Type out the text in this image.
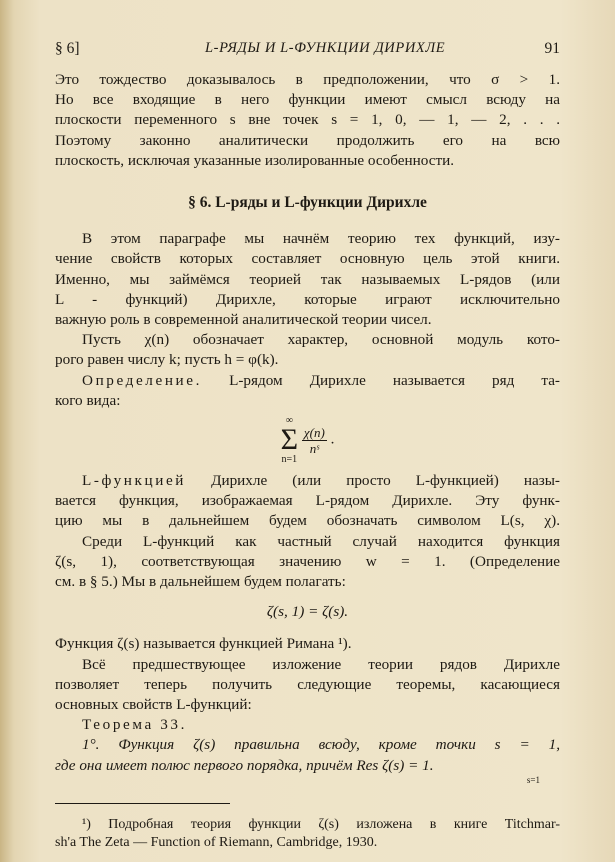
§ 6]	L-РЯДЫ И L-ФУНКЦИИ ДИРИХЛЕ	91

Это тождество доказывалось в предположении, что σ > 1.

Но все входящие в него функции имеют смысл всюду на

плоскости переменного s вне точек s = 1, 0, — 1, — 2, . . .

Поэтому законно аналитически продолжить его на всю

плоскость, исключая указанные изолированные особенности.

§ 6. L-ряды и L-функции Дирихле

В этом параграфе мы начнём теорию тех функций, изу-

чение свойств которых составляет основную цель этой книги.

Именно, мы займёмся теорией так называемых L-рядов (или

L - функций) Дирихле, которые играют исключительно

важную роль в современной аналитической теории чисел.

Пусть χ(n) обозначает характер, основной модуль кото-

рого равен числу k; пусть h = φ(k).

Определение. L-рядом Дирихле называется ряд та-

кого вида:

∞
Σ
n=1

$\frac{\chi(n)}{\text{nˢ}}$ .

L-функцией Дирихле (или просто L-функцией) назы-

вается функция, изображаемая L-рядом Дирихле. Эту функ-

цию мы в дальнейшем будем обозначать символом L(s, χ).

Среди L-функций как частный случай находится функция

ζ(s, 1), соответствующая значению w = 1. (Определение

см. в § 5.) Мы в дальнейшем будем полагать:

ζ(s, 1) = ζ(s).

Функция ζ(s) называется функцией Римана ¹).

Всё предшествующее изложение теории рядов Дирихле

позволяет теперь получить следующие теоремы, касающиеся

основных свойств L-функций:

Теорема 33.

1°. Функция ζ(s) правильна всюду, кроме точки s = 1,

где она имеет полюс первого порядка, причём Res ζ(s) = 1.

s=1

¹) Подробная теория функции ζ(s) изложена в книге Titchmar-

sh'a The Zeta — Function of Riemann, Cambridge, 1930.
